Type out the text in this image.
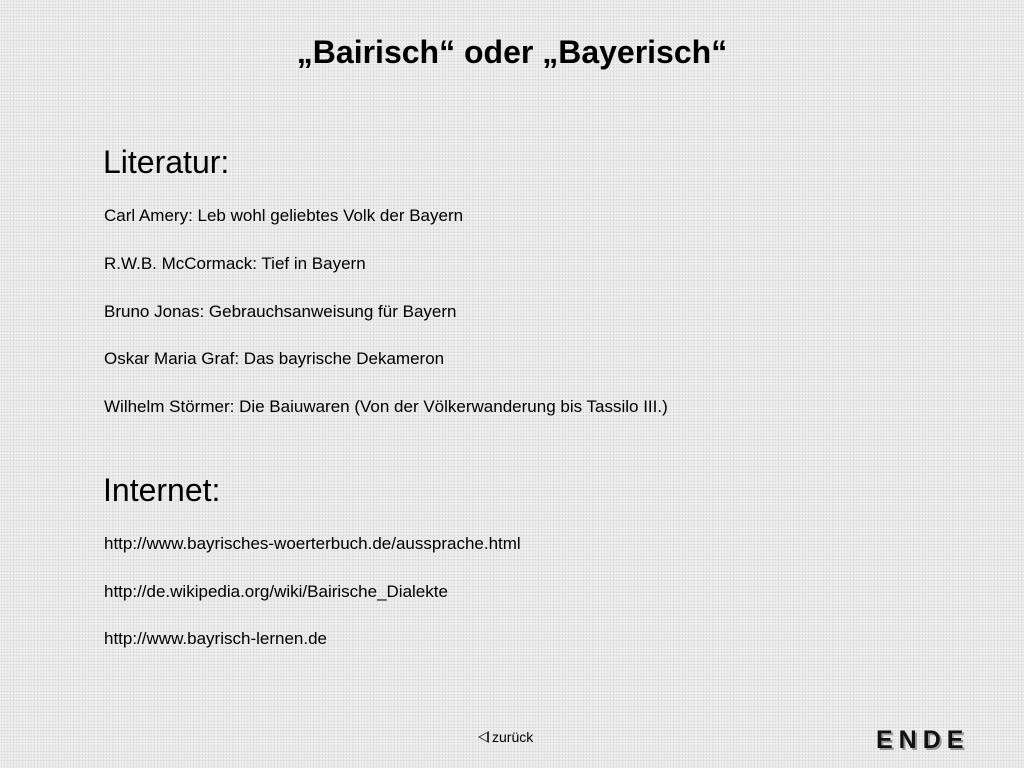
„Bairisch“ oder „Bayerisch“
Literatur:

Carl Amery: Leb wohl geliebtes Volk der Bayern

R.W.B. McCormack: Tief in Bayern

Bruno Jonas: Gebrauchsanweisung für Bayern

Oskar Maria Graf: Das bayrische Dekameron

Wilhelm Störmer: Die Baiuwaren (Von der Völkerwanderung bis Tassilo III.)

Internet:
http://www.bayrisches-woerterbuch.de/aussprache.html
http://de.wikipedia.org/wiki/Bairische_Dialekte
http://www.bayrisch-lernen.de
zurück	ENDE
